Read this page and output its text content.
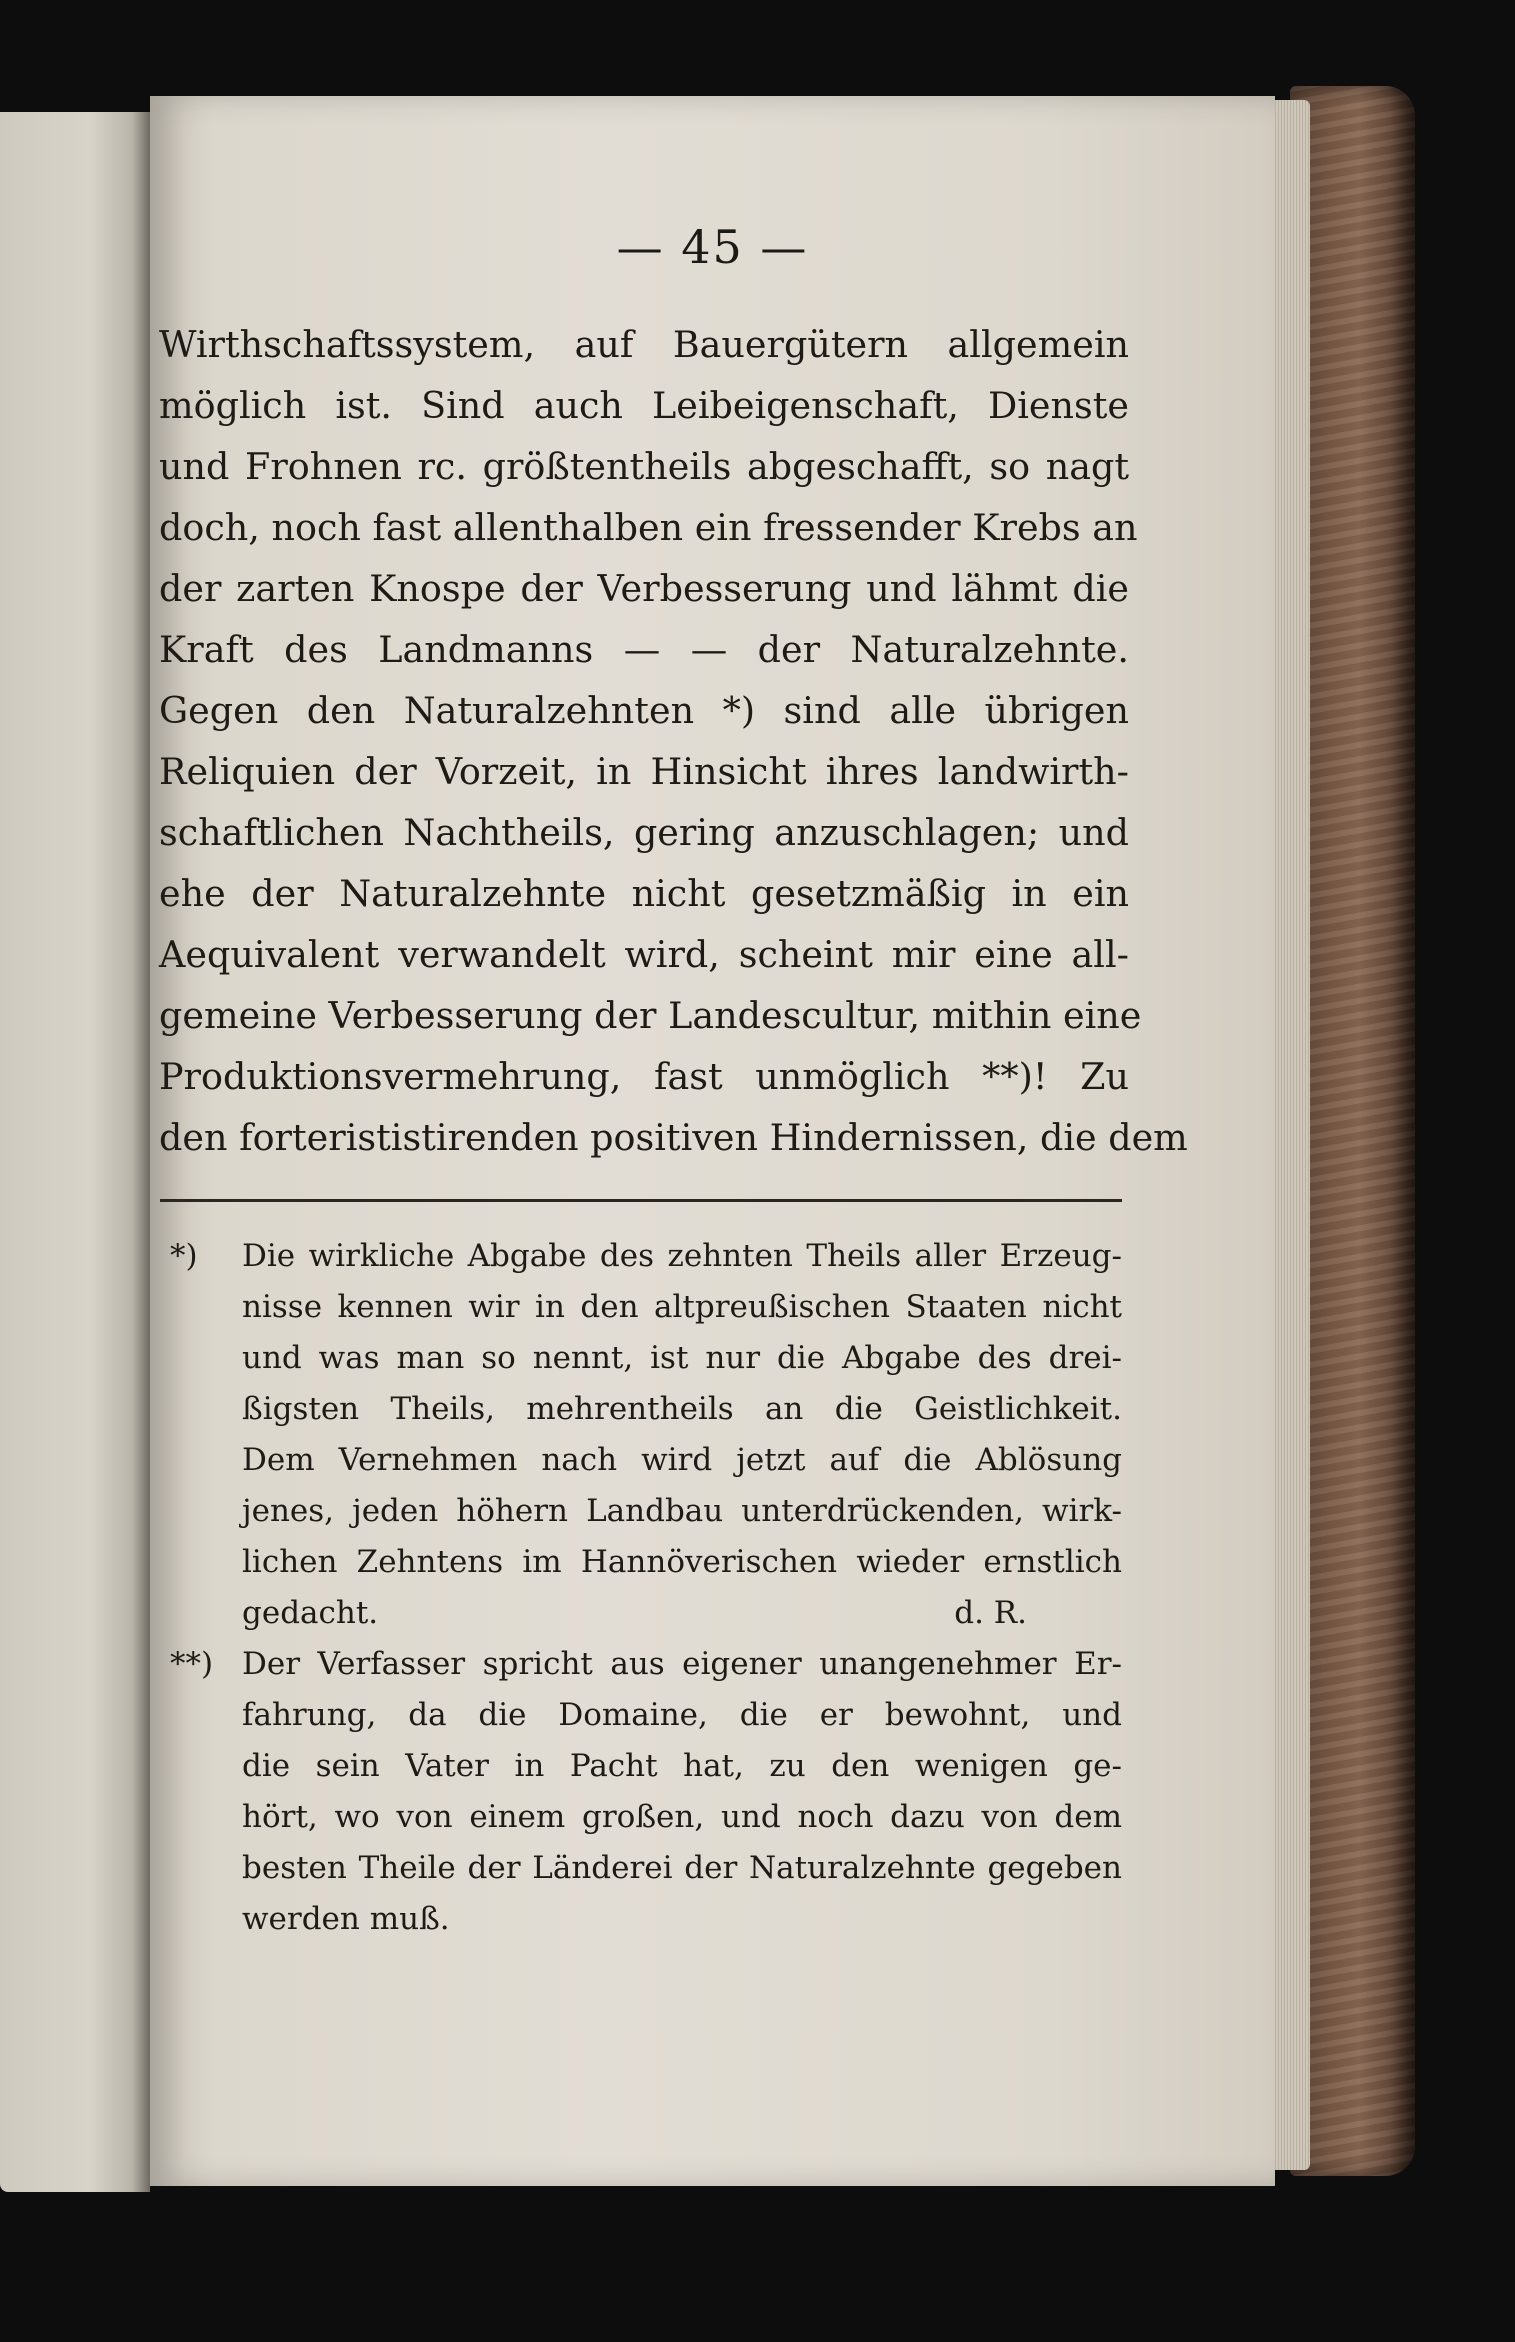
— 45 —
Wirthschaftssystem, auf Bauergütern allgemein
möglich ist. Sind auch Leibeigenschaft, Dienste
und Frohnen rc. größtentheils abgeschafft, so nagt
doch, noch fast allenthalben ein fressender Krebs an
der zarten Knospe der Verbesserung und lähmt die
Kraft des Landmanns — — der Naturalzehnte.
Gegen den Naturalzehnten *) sind alle übrigen
Reliquien der Vorzeit, in Hinsicht ihres landwirth-
schaftlichen Nachtheils, gering anzuschlagen; und
ehe der Naturalzehnte nicht gesetzmäßig in ein
Aequivalent verwandelt wird, scheint mir eine all-
gemeine Verbesserung der Landescultur, mithin eine
Produktionsvermehrung, fast unmöglich **)! Zu
den forterististirenden positiven Hindernissen, die dem
*) Die wirkliche Abgabe des zehnten Theils aller Erzeug-
nisse kennen wir in den altpreußischen Staaten nicht
und was man so nennt, ist nur die Abgabe des drei-
ßigsten Theils, mehrentheils an die Geistlichkeit.
Dem Vernehmen nach wird jetzt auf die Ablösung
jenes, jeden höhern Landbau unterdrückenden, wirk-
lichen Zehntens im Hannöverischen wieder ernstlich
gedacht.	d. R.
**) Der Verfasser spricht aus eigener unangenehmer Er-
fahrung, da die Domaine, die er bewohnt, und
die sein Vater in Pacht hat, zu den wenigen ge-
hört, wo von einem großen, und noch dazu von dem
besten Theile der Länderei der Naturalzehnte gegeben
werden muß.
